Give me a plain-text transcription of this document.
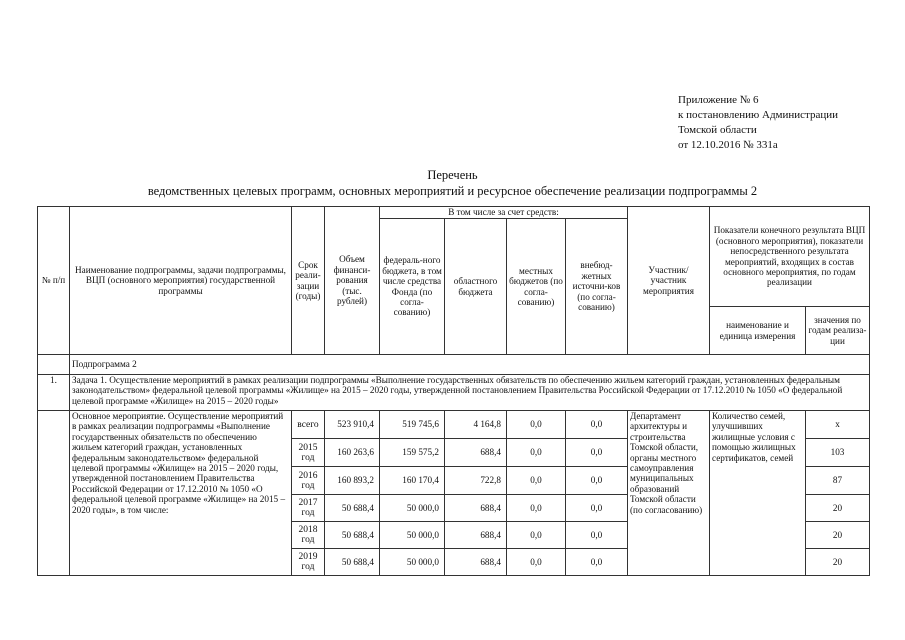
Приложение № 6
к постановлению Администрации
Томской области
от 12.10.2016 № 331а
Перечень
ведомственных целевых программ, основных мероприятий и ресурсное обеспечение реализации подпрограммы 2
№ п/п	Наименование подпрограммы, задачи подпрограммы, ВЦП (основного мероприятия) государственной программы	Срок реали-зации (годы)	Объем финанси-рования (тыс. рублей)	В том числе за счет средств:				Участник/ участник мероприятия	Показатели конечного результата ВЦП (основного мероприятия), показатели непосредственного результата мероприятий, входящих в состав основного мероприятия, по годам реализации	
				федераль-ного бюджета, в том числе средства Фонда (по согла-сованию)	областного бюджета	местных бюджетов (по согла-сованию)	внебюд-жетных источни-ков (по согла-сованию)			
									наименование и единица измерения	значения по годам реализа-ции
	Подпрограмма 2									
1.	Задача 1. Осуществление мероприятий в рамках реализации подпрограммы «Выполнение государственных обязательств по обеспечению жильем категорий граждан, установленных федеральным законодательством» федеральной целевой программы «Жилище» на 2015 – 2020 годы, утвержденной постановлением Правительства Российской Федерации от 17.12.2010 № 1050 «О федеральной целевой программе «Жилище» на 2015 – 2020 годы»									
	Основное мероприятие. Осуществление мероприятий в рамках реализации подпрограммы «Выполнение государственных обязательств по обеспечению жильем категорий граждан, установленных федеральным законодательством» федеральной целевой программы «Жилище» на 2015 – 2020 годы, утвержденной постановлением Правительства Российской Федерации от 17.12.2010 № 1050 «О федеральной целевой программе «Жилище» на 2015 – 2020 годы», в том числе:	всего	523 910,4	519 745,6	4 164,8	0,0	0,0	Департамент архитектуры и строительства Томской области, органы местного самоуправления муниципальных образований Томской области (по согласованию)	Количество семей, улучшивших жилищные условия с помощью жилищных сертификатов, семей	х
		2015 год	160 263,6	159 575,2	688,4	0,0	0,0			103
		2016 год	160 893,2	160 170,4	722,8	0,0	0,0			87
		2017 год	50 688,4	50 000,0	688,4	0,0	0,0			20
		2018 год	50 688,4	50 000,0	688,4	0,0	0,0			20
		2019 год	50 688,4	50 000,0	688,4	0,0	0,0			20
